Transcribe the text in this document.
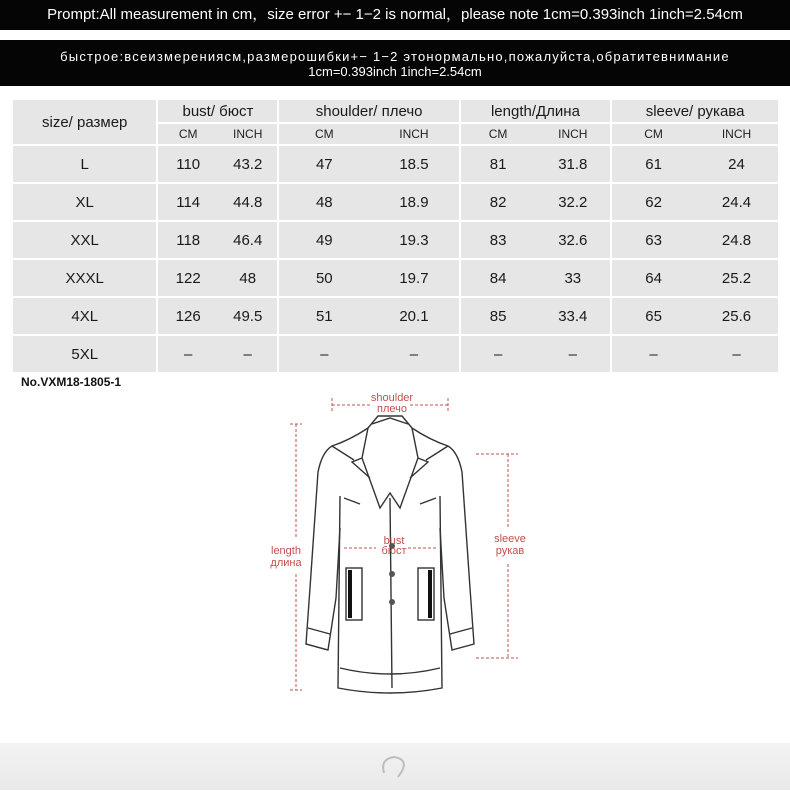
Prompt:All measurement in cm，size error +− 1−2 is normal，please note 1cm=0.393inch 1inch=2.54cm
быстрое:всеизмерениясм,размерошибки+− 1−2 этонормально,пожалуйста,обратитевнимание
1cm=0.393inch 1inch=2.54cm
size/ размер	bust/ бюст	shoulder/ плечо	length/Длина	sleeve/ рукава

	CM INCH	CM INCH	CM INCH	CM INCH

L	110 43.2	47 18.5	81 31.8	61 24

XL	114 44.8	48 18.9	82 32.2	62 24.4

XXL	118 46.4	49 19.3	83 32.6	63 24.8

XXXL	122 48	50 19.7	84 33	64 25.2

4XL	126 49.5	51 20.1	85 33.4	65 25.6

5XL	– –	– –	– –	– –
No.VXM18-1805-1
shoulder
плечо
length
длина
bust
бюст
sleeve
рукав
